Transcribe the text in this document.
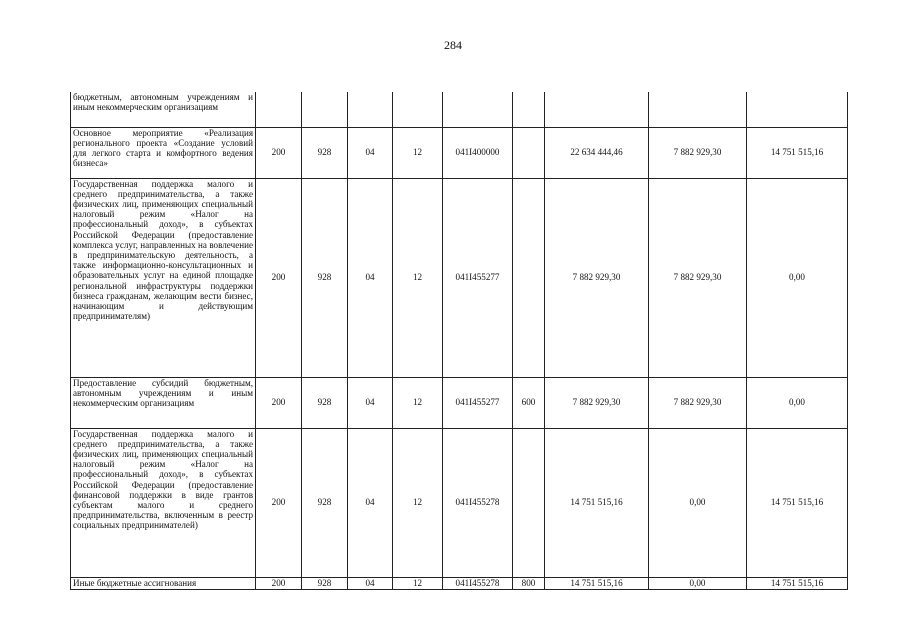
284
бюджетным, автономным учреждениям и иным некоммерческим организациям									
Основное мероприятие «Реализация регионального проекта «Создание условий для легкого старта и комфортного ведения бизнеса»	200	928	04	12	041I400000		22 634 444,46	7 882 929,30	14 751 515,16
Государственная поддержка малого и среднего предпринимательства, а также физических лиц, применяющих специальный налоговый режим «Налог на профессиональный доход», в субъектах Российской Федерации (предоставление комплекса услуг, направленных на вовлечение в предпринимательскую деятельность, а также информационно-консультационных и образовательных услуг на единой площадке региональной инфраструктуры поддержки бизнеса гражданам, желающим вести бизнес, начинающим и действующим предпринимателям)	200	928	04	12	041I455277		7 882 929,30	7 882 929,30	0,00
Предоставление субсидий бюджетным, автономным учреждениям и иным некоммерческим организациям	200	928	04	12	041I455277	600	7 882 929,30	7 882 929,30	0,00
Государственная поддержка малого и среднего предпринимательства, а также физических лиц, применяющих специальный налоговый режим «Налог на профессиональный доход», в субъектах Российской Федерации (предоставление финансовой поддержки в виде грантов субъектам малого и среднего предпринимательства, включенным в реестр социальных предпринимателей)	200	928	04	12	041I455278		14 751 515,16	0,00	14 751 515,16
Иные бюджетные ассигнования	200	928	04	12	041I455278	800	14 751 515,16	0,00	14 751 515,16
